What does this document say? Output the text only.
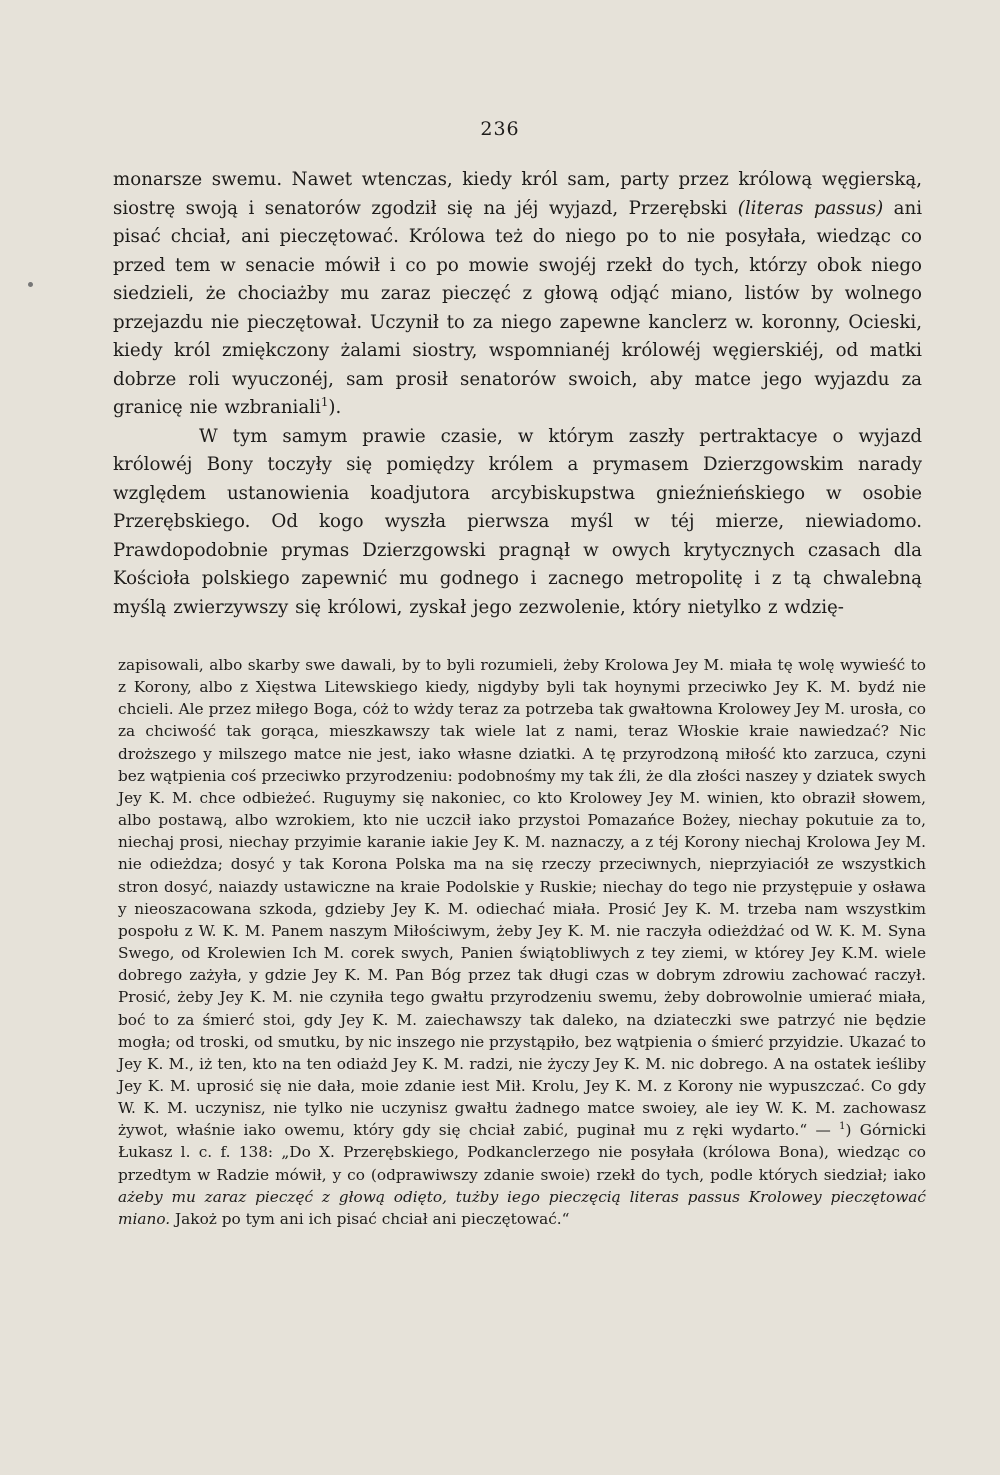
236

monarsze swemu. Nawet wtenczas, kiedy król sam, party przez królową węgierską, siostrę swoją i senatorów zgodził się na jéj wyjazd, Przerębski (literas passus) ani pisać chciał, ani pieczętować. Królowa też do niego po to nie posyłała, wiedząc co przed tem w senacie mówił i co po mowie swojéj rzekł do tych, którzy obok niego siedzieli, że chociażby mu zaraz pieczęć z głową odjąć miano, listów by wolnego przejazdu nie pieczętował. Uczynił to za niego zapewne kanclerz w. koronny, Ocieski, kiedy król zmiękczony żalami siostry, wspomnianéj królowéj węgierskiéj, od matki dobrze roli wyuczonéj, sam prosił senatorów swoich, aby matce jego wyjazdu za granicę nie wzbraniali$^1$).

W tym samym prawie czasie, w którym zaszły pertraktacye o wyjazd królowéj Bony toczyły się pomiędzy królem a prymasem Dzierzgowskim narady względem ustanowienia koadjutora arcybiskupstwa gnieźnieńskiego w osobie Przerębskiego. Od kogo wyszła pierwsza myśl w téj mierze, niewiadomo. Prawdopodobnie prymas Dzierzgowski pragnął w owych krytycznych czasach dla Kościoła polskiego zapewnić mu godnego i zacnego metropolitę i z tą chwalebną myślą zwierzywszy się królowi, zyskał jego zezwolenie, który nietylko z wdzię-

zapisowali, albo skarby swe dawali, by to byli rozumieli, żeby Krolowa Jey M. miała tę wolę wywieść to z Korony, albo z Xięstwa Litewskiego kiedy, nigdyby byli tak hoynymi przeciwko Jey K. M. bydź nie chcieli. Ale przez miłego Boga, cóż to wżdy teraz za potrzeba tak gwałtowna Krolowey Jey M. urosła, co za chciwość tak gorąca, mieszkawszy tak wiele lat z nami, teraz Włoskie kraie nawiedzać? Nic droższego y milszego matce nie jest, iako własne dziatki. A tę przyrodzoną miłość kto zarzuca, czyni bez wątpienia coś przeciwko przyrodzeniu: podobnośmy my tak źli, że dla złości naszey y dziatek swych Jey K. M. chce odbieżeć. Ruguymy się nakoniec, co kto Krolowey Jey M. winien, kto obraził słowem, albo postawą, albo wzrokiem, kto nie uczcił iako przystoi Pomazańce Bożey, niechay pokutuie za to, niechaj prosi, niechay przyimie karanie iakie Jey K. M. naznaczy, a z téj Korony niechaj Krolowa Jey M. nie odieżdza; dosyć y tak Korona Polska ma na się rzeczy przeciwnych, nieprzyiaciół ze wszystkich stron dosyć, naiazdy ustawiczne na kraie Podolskie y Ruskie; niechay do tego nie przystępuie y osława y nieoszacowana szkoda, gdzieby Jey K. M. odiechać miała. Prosić Jey K. M. trzeba nam wszystkim pospołu z W. K. M. Panem naszym Miłościwym, żeby Jey K. M. nie raczyła odieżdżać od W. K. M. Syna Swego, od Krolewien Ich M. corek swych, Panien świątobliwych z tey ziemi, w którey Jey K.M. wiele dobrego zażyła, y gdzie Jey K. M. Pan Bóg przez tak długi czas w dobrym zdrowiu zachować raczył. Prosić, żeby Jey K. M. nie czyniła tego gwałtu przyrodzeniu swemu, żeby dobrowolnie umierać miała, boć to za śmierć stoi, gdy Jey K. M. zaiechawszy tak daleko, na dziateczki swe patrzyć nie będzie mogła; od troski, od smutku, by nic inszego nie przystąpiło, bez wątpienia o śmierć przyidzie. Ukazać to Jey K. M., iż ten, kto na ten odiażd Jey K. M. radzi, nie życzy Jey K. M. nic dobrego. A na ostatek ieśliby Jey K. M. uprosić się nie dała, moie zdanie iest Mił. Krolu, Jey K. M. z Korony nie wypuszczać. Co gdy W. K. M. uczynisz, nie tylko nie uczynisz gwałtu żadnego matce swoiey, ale iey W. K. M. zachowasz żywot, właśnie iako owemu, który gdy się chciał zabić, puginał mu z ręki wydarto.“ — $^1$) Górnicki Łukasz l. c. f. 138: „Do X. Przerębskiego, Podkanclerzego nie posyłała (królowa Bona), wiedząc co przedtym w Radzie mówił, y co (odprawiwszy zdanie swoie) rzekł do tych, podle których siedział; iako ażeby mu zaraz pieczęć z głową odięto, tużby iego pieczęcią literas passus Krolowey pieczętować miano. Jakoż po tym ani ich pisać chciał ani pieczętować.“
